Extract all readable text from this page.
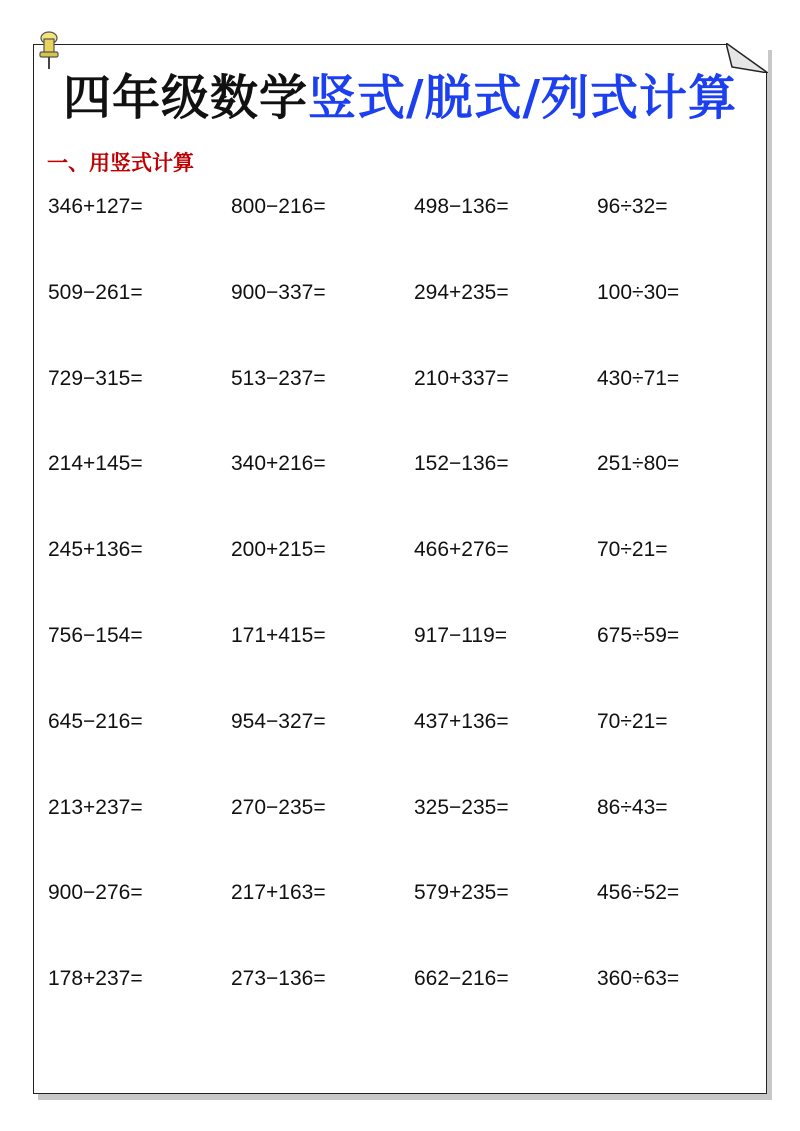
四年级数学竖式/脱式/列式计算
一、用竖式计算
346+127=	800−216=	498−136=	96÷32=
509−261=	900−337=	294+235=	100÷30=
729−315=	513−237=	210+337=	430÷71=
214+145=	340+216=	152−136=	251÷80=
245+136=	200+215=	466+276=	70÷21=
756−154=	171+415=	917−119=	675÷59=
645−216=	954−327=	437+136=	70÷21=
213+237=	270−235=	325−235=	86÷43=
900−276=	217+163=	579+235=	456÷52=
178+237=	273−136=	662−216=	360÷63=
